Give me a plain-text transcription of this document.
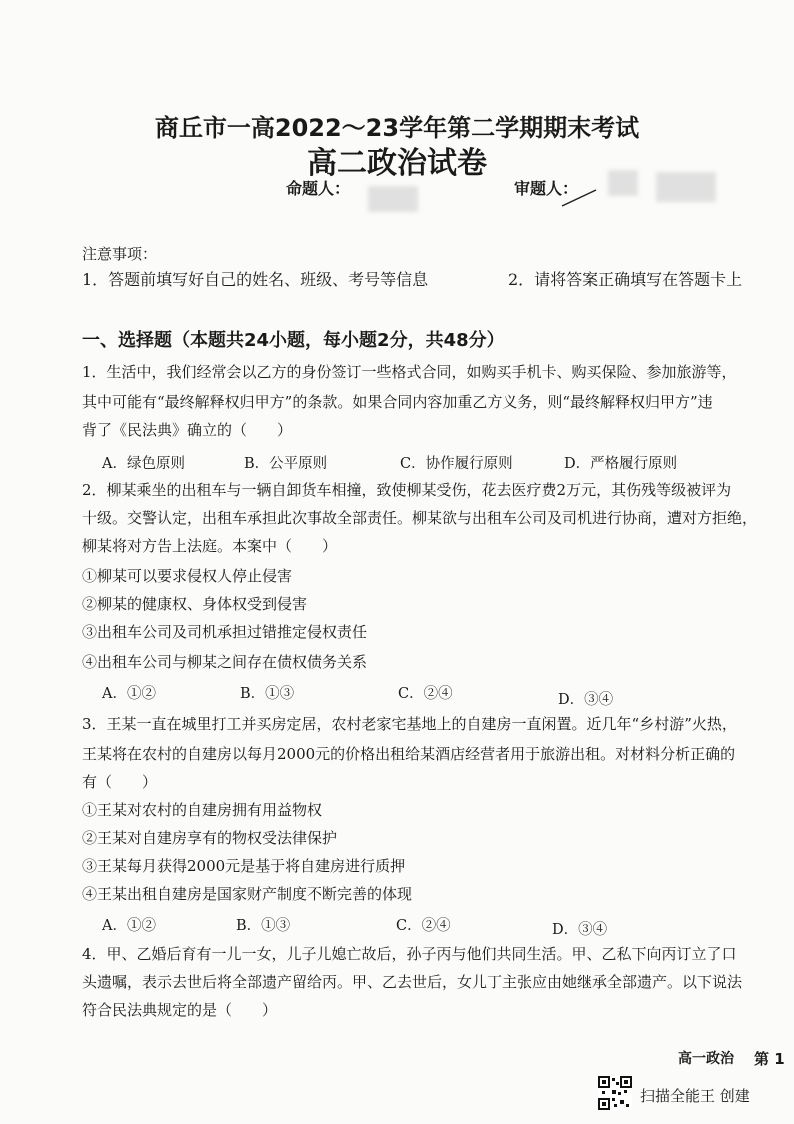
商丘市一高2022～23学年第二学期期末考试
高二政治试卷
命题人：	审题人：
注意事项：
1．答题前填写好自己的姓名、班级、考号等信息	2．请将答案正确填写在答题卡上
一、选择题（本题共24小题，每小题2分，共48分）
1．生活中，我们经常会以乙方的身份签订一些格式合同，如购买手机卡、购买保险、参加旅游等，
其中可能有“最终解释权归甲方”的条款。如果合同内容加重乙方义务，则“最终解释权归甲方”违
背了《民法典》确立的（　　）
A．绿色原则	B．公平原则	C．协作履行原则	D．严格履行原则
2．柳某乘坐的出租车与一辆自卸货车相撞，致使柳某受伤，花去医疗费2万元，其伤残等级被评为
十级。交警认定，出租车承担此次事故全部责任。柳某欲与出租车公司及司机进行协商，遭对方拒绝，
柳某将对方告上法庭。本案中（　　）
①柳某可以要求侵权人停止侵害
②柳某的健康权、身体权受到侵害
③出租车公司及司机承担过错推定侵权责任
④出租车公司与柳某之间存在债权债务关系
A．①②	B．①③	C．②④	D．③④
3．王某一直在城里打工并买房定居，农村老家宅基地上的自建房一直闲置。近几年“乡村游”火热，
王某将在农村的自建房以每月2000元的价格出租给某酒店经营者用于旅游出租。对材料分析正确的
有（　　）
①王某对农村的自建房拥有用益物权
②王某对自建房享有的物权受法律保护
③王某每月获得2000元是基于将自建房进行质押
④王某出租自建房是国家财产制度不断完善的体现
A．①②	B．①③	C．②④	D．③④
4．甲、乙婚后育有一儿一女，儿子儿媳亡故后，孙子丙与他们共同生活。甲、乙私下向丙订立了口
头遗嘱，表示去世后将全部遗产留给丙。甲、乙去世后，女儿丁主张应由她继承全部遗产。以下说法
符合民法典规定的是（　　）
高一政治 第 1
扫描全能王 创建
